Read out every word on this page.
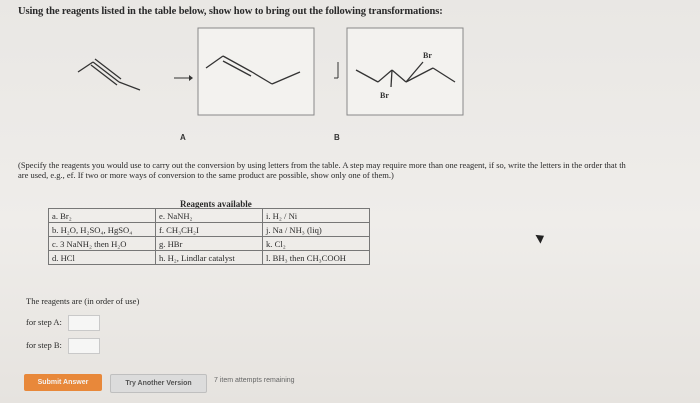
Using the reagents listed in the table below, show how to bring out the following transformations:
A	B
Br
Br
(Specify the reagents you would use to carry out the conversion by using letters from the table. A step may require more than one reagent, if so, write the letters in the order that th
are used, e.g., ef. If two or more ways of conversion to the same product are possible, show only one of them.)
Reagents available
a. Br₂	e. NaNH₂	i. H₂ / Ni
b. H₂O, H₂SO₄, HgSO₄	f. CH₃CH₂I	j. Na / NH₃ (liq)
c. 3 NaNH₂ then H₂O	g. HBr	k. Cl₂
d. HCl	h. H₂, Lindlar catalyst	l. BH₃ then CH₃COOH
The reagents are (in order of use)
for step A:
for step B:
Submit Answer	Try Another Version	7 item attempts remaining
